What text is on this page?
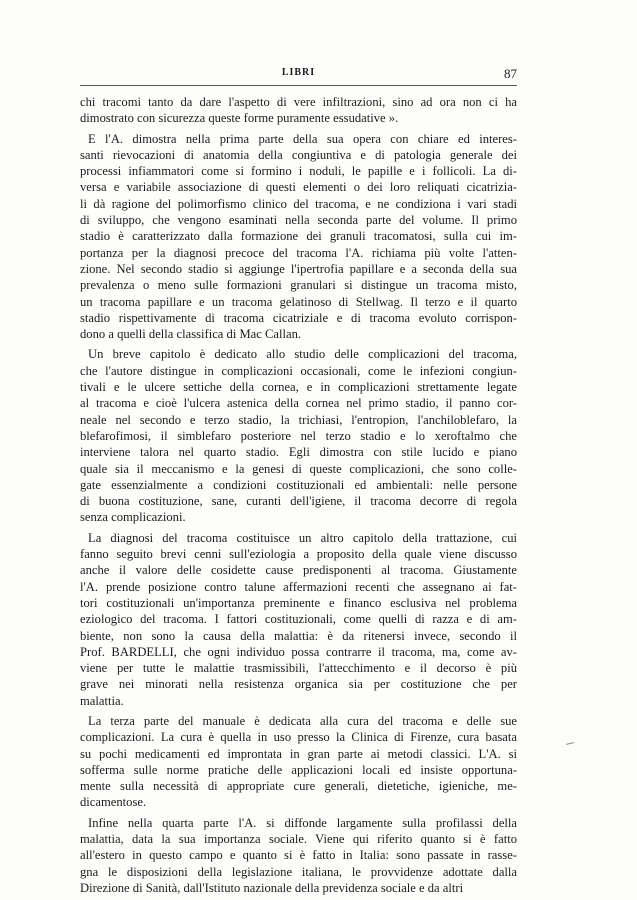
LIBRI	87
chi tracomi tanto da dare l'aspetto di vere infiltrazioni, sino ad ora non ci ha
dimostrato con sicurezza queste forme puramente essudative ».
E l'A. dimostra nella prima parte della sua opera con chiare ed interes-
santi rievocazioni di anatomia della congiuntiva e di patologia generale dei
processi infiammatori come si formino i noduli, le papille e i follicoli. La di-
versa e variabile associazione di questi elementi o dei loro reliquati cicatrizia-
li dà ragione del polimorfismo clinico del tracoma, e ne condiziona i vari stadi
di sviluppo, che vengono esaminati nella seconda parte del volume. Il primo
stadio è caratterizzato dalla formazione dei granuli tracomatosi, sulla cui im-
portanza per la diagnosi precoce del tracoma l'A. richiama più volte l'atten-
zione. Nel secondo stadio si aggiunge l'ipertrofia papillare e a seconda della sua
prevalenza o meno sulle formazioni granulari si distingue un tracoma misto,
un tracoma papillare e un tracoma gelatinoso di Stellwag. Il terzo e il quarto
stadio rispettivamente di tracoma cicatriziale e di tracoma evoluto corrispon-
dono a quelli della classifica di Mac Callan.
Un breve capitolo è dedicato allo studio delle complicazioni del tracoma,
che l'autore distingue in complicazioni occasionali, come le infezioni congiun-
tivali e le ulcere settiche della cornea, e in complicazioni strettamente legate
al tracoma e cioè l'ulcera astenica della cornea nel primo stadio, il panno cor-
neale nel secondo e terzo stadio, la trichiasi, l'entropion, l'anchiloblefaro, la
blefarofimosi, il simblefaro posteriore nel terzo stadio e lo xeroftalmo che
interviene talora nel quarto stadio. Egli dimostra con stile lucido e piano
quale sia il meccanismo e la genesi di queste complicazioni, che sono colle-
gate essenzialmente a condizioni costituzionali ed ambientali: nelle persone
di buona costituzione, sane, curanti dell'igiene, il tracoma decorre di regola
senza complicazioni.
La diagnosi del tracoma costituisce un altro capitolo della trattazione, cui
fanno seguito brevi cenni sull'eziologia a proposito della quale viene discusso
anche il valore delle cosidette cause predisponenti al tracoma. Giustamente
l'A. prende posizione contro talune affermazioni recenti che assegnano ai fat-
tori costituzionali un'importanza preminente e financo esclusiva nel problema
eziologico del tracoma. I fattori costituzionali, come quelli di razza e di am-
biente, non sono la causa della malattia: è da ritenersi invece, secondo il
Prof. BARDELLI, che ogni individuo possa contrarre il tracoma, ma, come av-
viene per tutte le malattie trasmissibili, l'attecchimento e il decorso è più
grave nei minorati nella resistenza organica sia per costituzione che per
malattia.
La terza parte del manuale è dedicata alla cura del tracoma e delle sue
complicazioni. La cura è quella in uso presso la Clinica di Firenze, cura basata
su pochi medicamenti ed improntata in gran parte ai metodi classici. L'A. si
sofferma sulle norme pratiche delle applicazioni locali ed insiste opportuna-
mente sulla necessità di appropriate cure generali, dietetiche, igieniche, me-
dicamentose.
Infine nella quarta parte l'A. si diffonde largamente sulla profilassi della
malattia, data la sua importanza sociale. Viene qui riferito quanto si è fatto
all'estero in questo campo e quanto si è fatto in Italia: sono passate in rasse-
gna le disposizioni della legislazione italiana, le provvidenze adottate dalla
Direzione di Sanità, dall'Istituto nazionale della previdenza sociale e da altri
